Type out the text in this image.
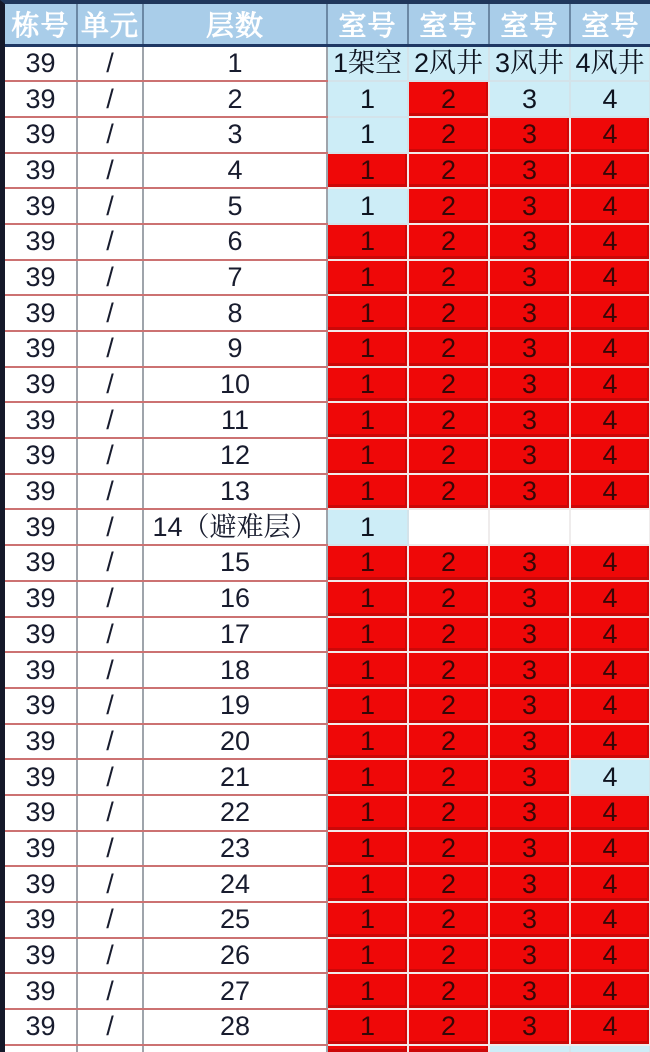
栋号	单元	层数	室号	室号	室号	室号
39	/	1	1架空	2风井	3风井	4风井
39	/	2	1	2	3	4
39	/	3	1	2	3	4
39	/	4	1	2	3	4
39	/	5	1	2	3	4
39	/	6	1	2	3	4
39	/	7	1	2	3	4
39	/	8	1	2	3	4
39	/	9	1	2	3	4
39	/	10	1	2	3	4
39	/	11	1	2	3	4
39	/	12	1	2	3	4
39	/	13	1	2	3	4
39	/	14（避难层）	1			
39	/	15	1	2	3	4
39	/	16	1	2	3	4
39	/	17	1	2	3	4
39	/	18	1	2	3	4
39	/	19	1	2	3	4
39	/	20	1	2	3	4
39	/	21	1	2	3	4
39	/	22	1	2	3	4
39	/	23	1	2	3	4
39	/	24	1	2	3	4
39	/	25	1	2	3	4
39	/	26	1	2	3	4
39	/	27	1	2	3	4
39	/	28	1	2	3	4
